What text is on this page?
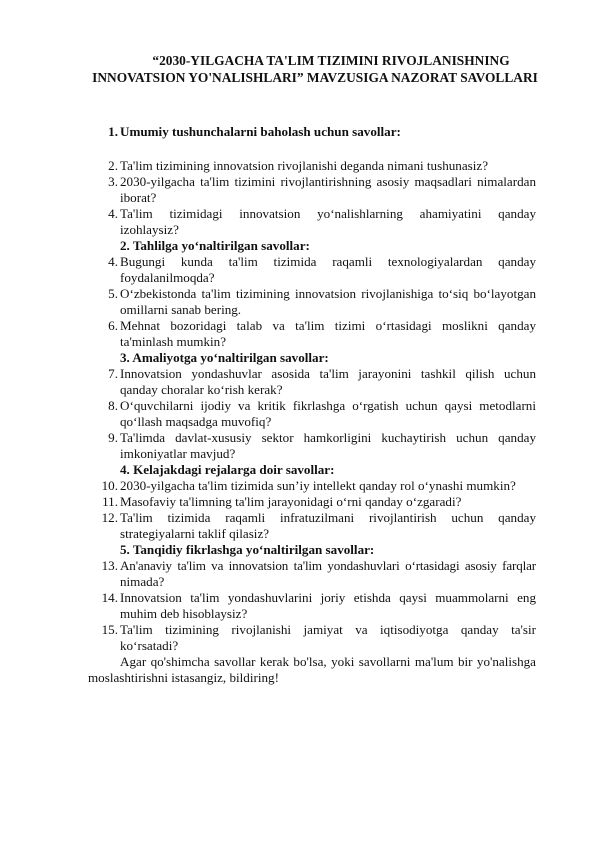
“2030-YILGACHA TA'LIM TIZIMINI RIVOJLANISHNING
INNOVATSION YO'NALISHLARI” MAVZUSIGA NAZORAT SAVOLLARI
1. Umumiy tushunchalarni baholash uchun savollar:
2. Ta'lim tizimining innovatsion rivojlanishi deganda nimani tushunasiz?
3. 2030-yilgacha ta'lim tizimini rivojlantirishning asosiy maqsadlari nimalardan
iborat?
4. Ta'lim tizimidagi innovatsion yo‘nalishlarning ahamiyatini qanday
izohlaysiz?
2. Tahlilga yo‘naltirilgan savollar:
4. Bugungi kunda ta'lim tizimida raqamli texnologiyalardan qanday
foydalanilmoqda?
5. O‘zbekistonda ta'lim tizimining innovatsion rivojlanishiga to‘siq bo‘layotgan
omillarni sanab bering.
6. Mehnat bozoridagi talab va ta'lim tizimi o‘rtasidagi moslikni qanday
ta'minlash mumkin?
3. Amaliyotga yo‘naltirilgan savollar:
7. Innovatsion yondashuvlar asosida ta'lim jarayonini tashkil qilish uchun
qanday choralar ko‘rish kerak?
8. O‘quvchilarni ijodiy va kritik fikrlashga o‘rgatish uchun qaysi metodlarni
qo‘llash maqsadga muvofiq?
9. Ta'limda davlat-xususiy sektor hamkorligini kuchaytirish uchun qanday
imkoniyatlar mavjud?
4. Kelajakdagi rejalarga doir savollar:
10. 2030-yilgacha ta'lim tizimida sun’iy intellekt qanday rol o‘ynashi mumkin?
11. Masofaviy ta'limning ta'lim jarayonidagi o‘rni qanday o‘zgaradi?
12. Ta'lim tizimida raqamli infratuzilmani rivojlantirish uchun qanday
strategiyalarni taklif qilasiz?
5. Tanqidiy fikrlashga yo‘naltirilgan savollar:
13. An'anaviy ta'lim va innovatsion ta'lim yondashuvlari o‘rtasidagi asosiy farqlar
nimada?
14. Innovatsion ta'lim yondashuvlarini joriy etishda qaysi muammolarni eng
muhim deb hisoblaysiz?
15. Ta'lim tizimining rivojlanishi jamiyat va iqtisodiyotga qanday ta'sir
ko‘rsatadi?
Agar qo'shimcha savollar kerak bo'lsa, yoki savollarni ma'lum bir yo'nalishga moslashtirishni istasangiz, bildiring!
